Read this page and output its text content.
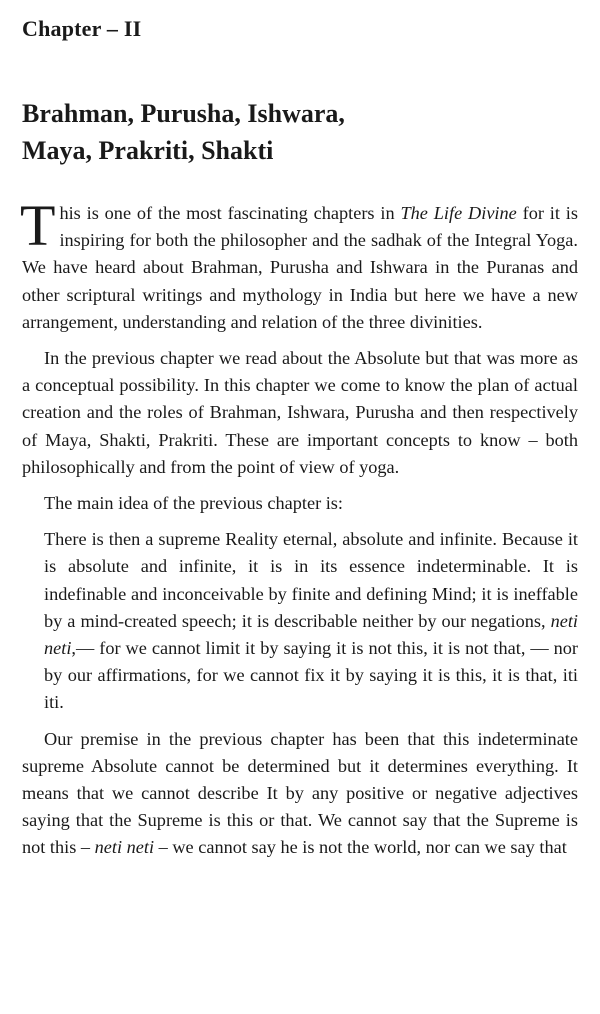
Chapter – II
Brahman, Purusha, Ishwara,
Maya, Prakriti, Shakti

This is one of the most fascinating chapters in The Life Divine for it is inspiring for both the philosopher and the sadhak of the Integral Yoga. We have heard about Brahman, Purusha and Ishwara in the Puranas and other scriptural writings and mythology in India but here we have a new arrangement, understanding and relation of the three divinities.

In the previous chapter we read about the Absolute but that was more as a conceptual possibility. In this chapter we come to know the plan of actual creation and the roles of Brahman, Ishwara, Purusha and then respectively of Maya, Shakti, Prakriti. These are important concepts to know – both philosophically and from the point of view of yoga.

The main idea of the previous chapter is:

There is then a supreme Reality eternal, absolute and infinite. Because it is absolute and infinite, it is in its essence indeterminable. It is indefinable and inconceivable by finite and defining Mind; it is ineffable by a mind-created speech; it is describable neither by our negations, neti neti,— for we cannot limit it by saying it is not this, it is not that, — nor by our affirmations, for we cannot fix it by saying it is this, it is that, iti iti.

Our premise in the previous chapter has been that this indeterminate supreme Absolute cannot be determined but it determines everything. It means that we cannot describe It by any positive or negative adjectives saying that the Supreme is this or that. We cannot say that the Supreme is not this – neti neti – we cannot say he is not the world, nor can we say that
